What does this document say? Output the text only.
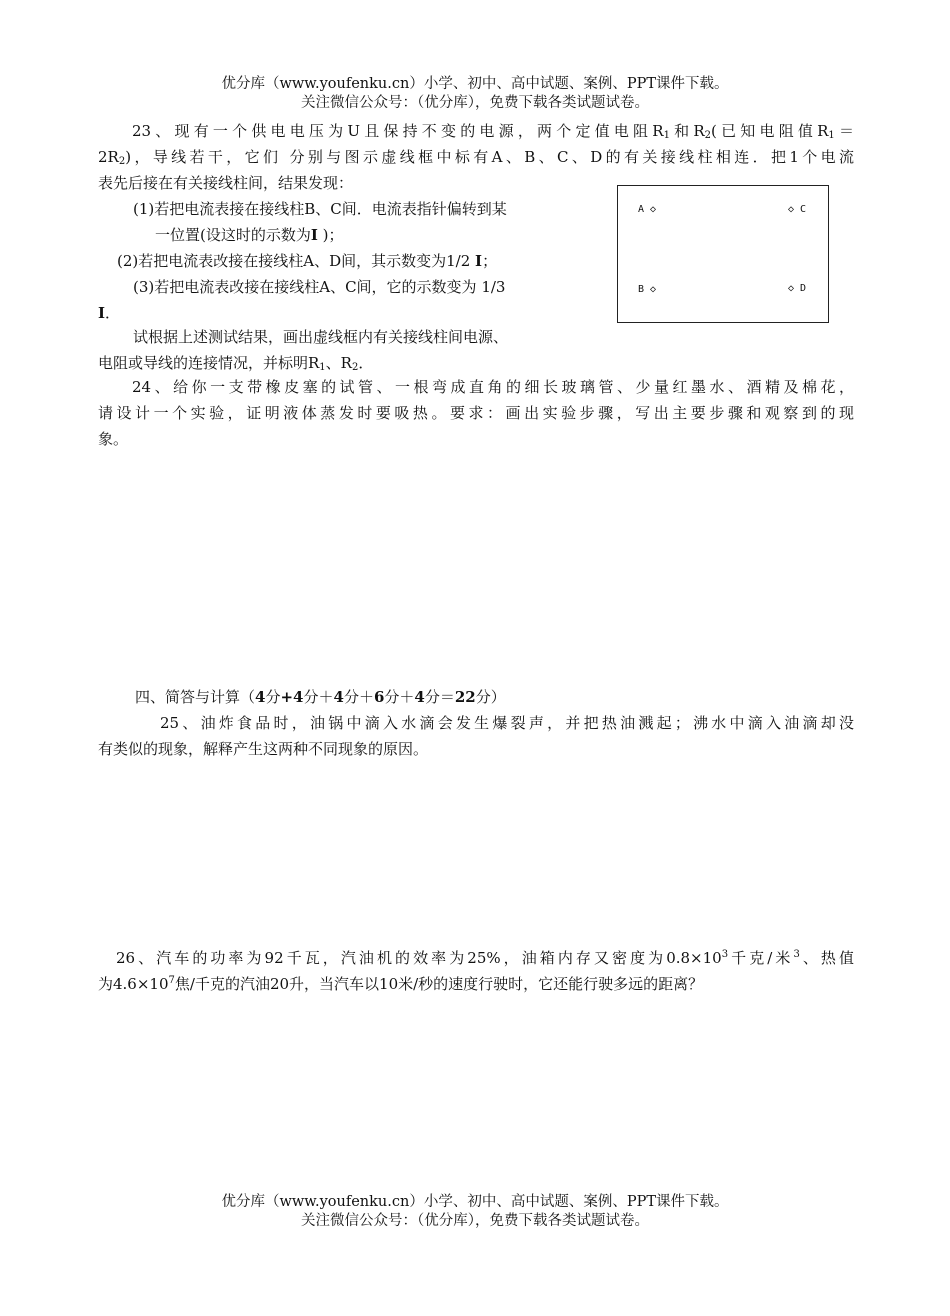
优分库（www.youfenku.cn）小学、初中、高中试题、案例、PPT课件下载。
关注微信公众号：（优分库），免费下载各类试题试卷。
23、现有一个供电电压为U且保持不变的电源，两个定值电阻$R_1$和$R_2$(已知电阻值$R_1=$
$2R_2$)，导线若干，它们 分别与图示虚线框中标有A、B、C、D的有关接线柱相连．把1个电流
表先后接在有关接线柱间，结果发现：
(1)若把电流表接在接线柱B、C间．电流表指针偏转到某
一位置(设这时的示数为I )；
(2)若把电流表改接在接线柱A、D间，其示数变为1/2 I；
(3)若把电流表改接在接线柱A、C间，它的示数变为 1/3
I．
试根据上述测试结果，画出虚线框内有关接线柱间电源、
电阻或导线的连接情况，并标明$R_1$、$R_2$．
A ◇	◇ C
B ◇	◇ D
24、给你一支带橡皮塞的试管、一根弯成直角的细长玻璃管、少量红墨水、酒精及棉花，
请设计一个实验，证明液体蒸发时要吸热。要求：画出实验步骤，写出主要步骤和观察到的现
象。
四、简答与计算（4分+4分＋4分＋6分＋4分＝22分）
25、油炸食品时，油锅中滴入水滴会发生爆裂声，并把热油溅起；沸水中滴入油滴却没
有类似的现象，解释产生这两种不同现象的原因。
26、汽车的功率为92千瓦，汽油机的效率为25%，油箱内存又密度为$0.8\times 10^3$千克/米$^3$、热值
为$4.6\times 10^7$焦/千克的汽油20升，当汽车以10米/秒的速度行驶时，它还能行驶多远的距离？
优分库（www.youfenku.cn）小学、初中、高中试题、案例、PPT课件下载。
关注微信公众号：（优分库），免费下载各类试题试卷。
